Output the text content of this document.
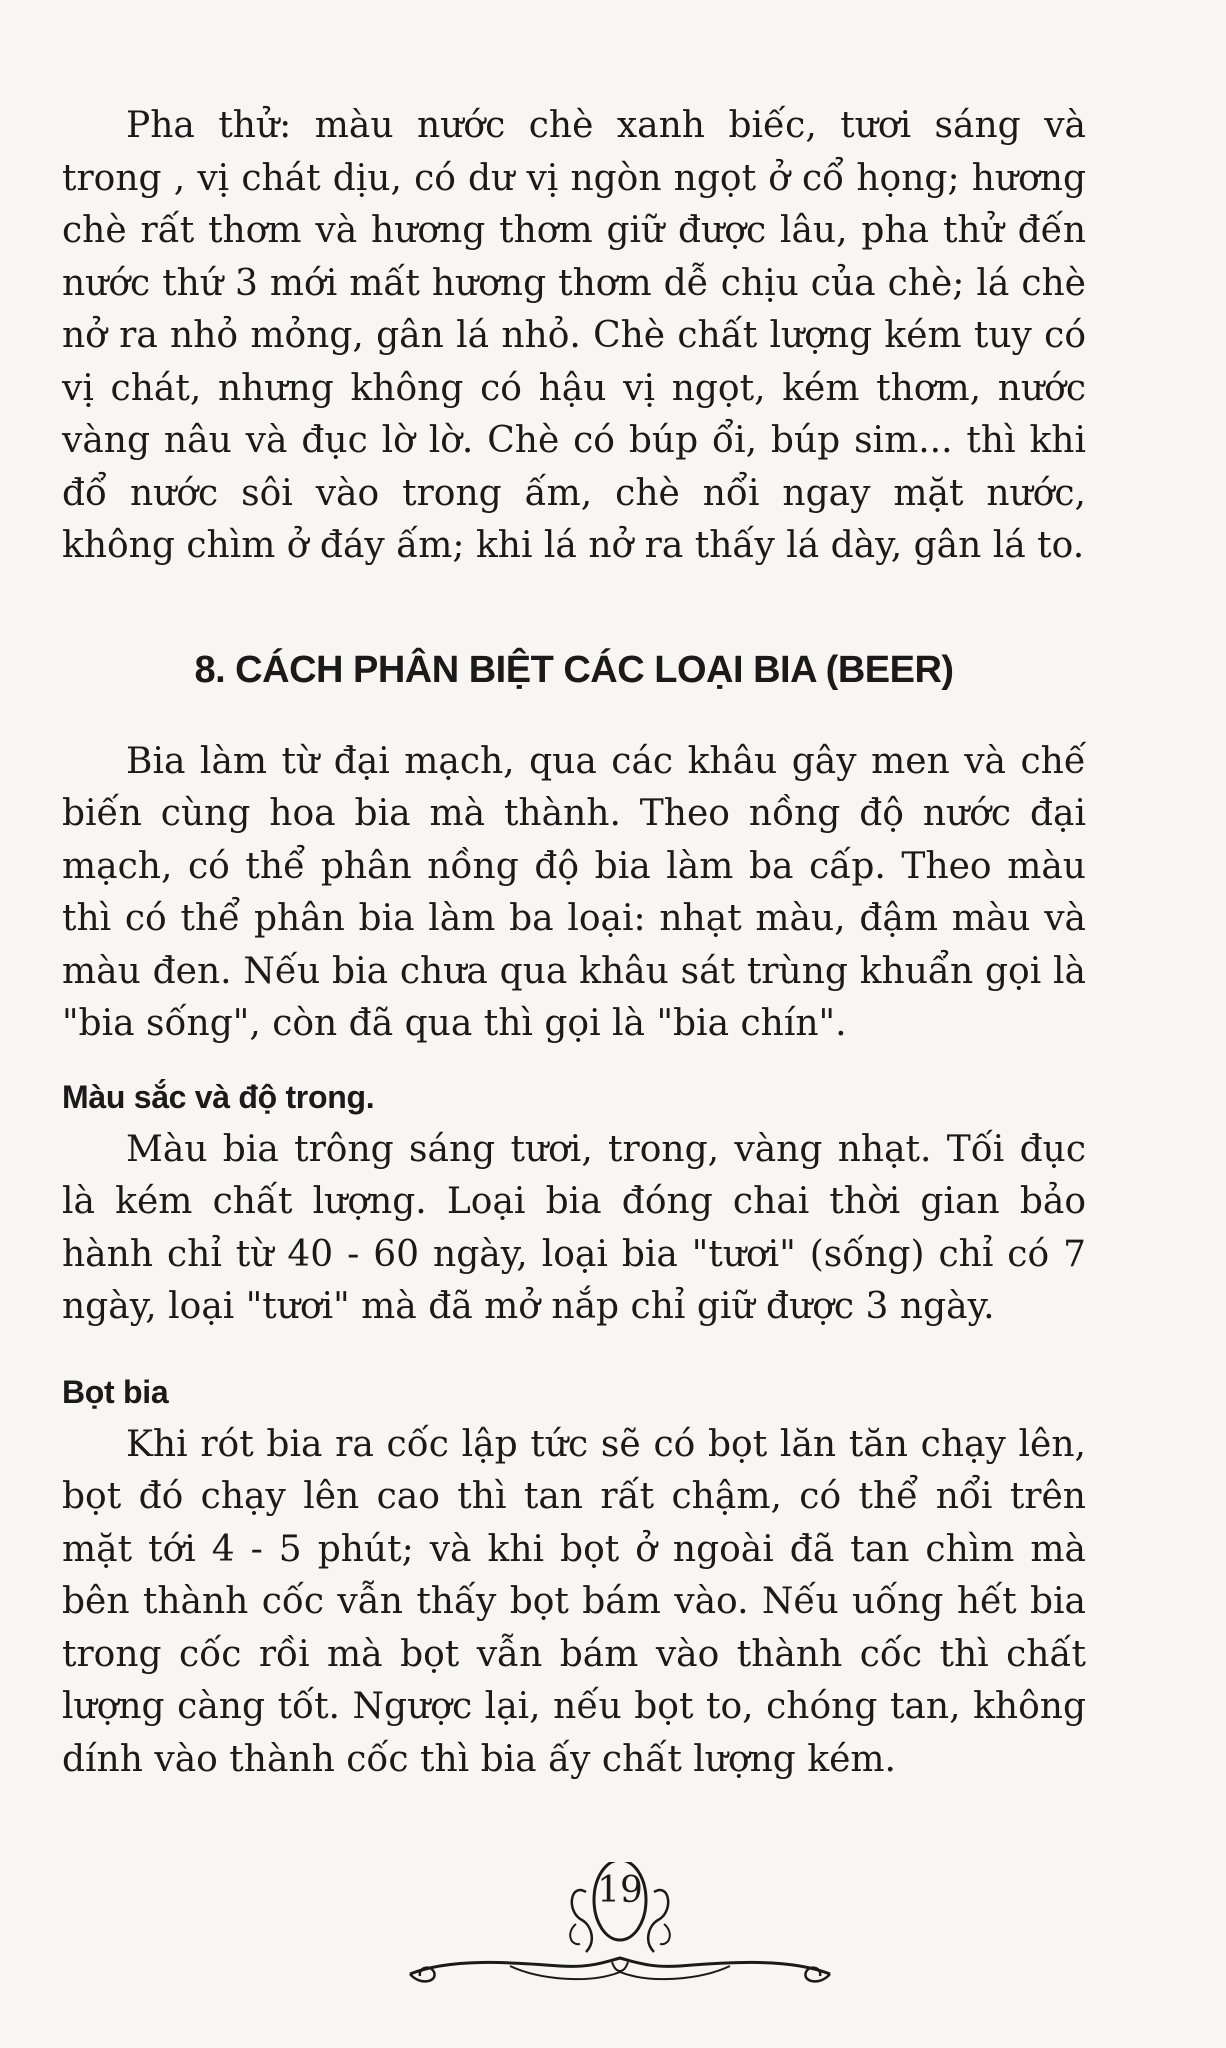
Pha thử: màu nước chè xanh biếc, tươi sáng và trong , vị chát dịu, có dư vị ngòn ngọt ở cổ họng; hương chè rất thơm và hương thơm giữ được lâu, pha thử đến nước thứ 3 mới mất hương thơm dễ chịu của chè; lá chè nở ra nhỏ mỏng, gân lá nhỏ. Chè chất lượng kém tuy có vị chát, nhưng không có hậu vị ngọt, kém thơm, nước vàng nâu và đục lờ lờ. Chè có búp ổi, búp sim... thì khi đổ nước sôi vào trong ấm, chè nổi ngay mặt nước, không chìm ở đáy ấm; khi lá nở ra thấy lá dày, gân lá to.

8. CÁCH PHÂN BIỆT CÁC LOẠI BIA (BEER)

Bia làm từ đại mạch, qua các khâu gây men và chế biến cùng hoa bia mà thành. Theo nồng độ nước đại mạch, có thể phân nồng độ bia làm ba cấp. Theo màu thì có thể phân bia làm ba loại: nhạt màu, đậm màu và màu đen. Nếu bia chưa qua khâu sát trùng khuẩn gọi là "bia sống", còn đã qua thì gọi là "bia chín".

Màu sắc và độ trong.

Màu bia trông sáng tươi, trong, vàng nhạt. Tối đục là kém chất lượng. Loại bia đóng chai thời gian bảo hành chỉ từ 40 - 60 ngày, loại bia "tươi" (sống) chỉ có 7 ngày, loại "tươi" mà đã mở nắp chỉ giữ được 3 ngày.

Bọt bia

Khi rót bia ra cốc lập tức sẽ có bọt lăn tăn chạy lên, bọt đó chạy lên cao thì tan rất chậm, có thể nổi trên mặt tới 4 - 5 phút; và khi bọt ở ngoài đã tan chìm mà bên thành cốc vẫn thấy bọt bám vào. Nếu uống hết bia trong cốc rồi mà bọt vẫn bám vào thành cốc thì chất lượng càng tốt. Ngược lại, nếu bọt to, chóng tan, không dính vào thành cốc thì bia ấy chất lượng kém.

19
